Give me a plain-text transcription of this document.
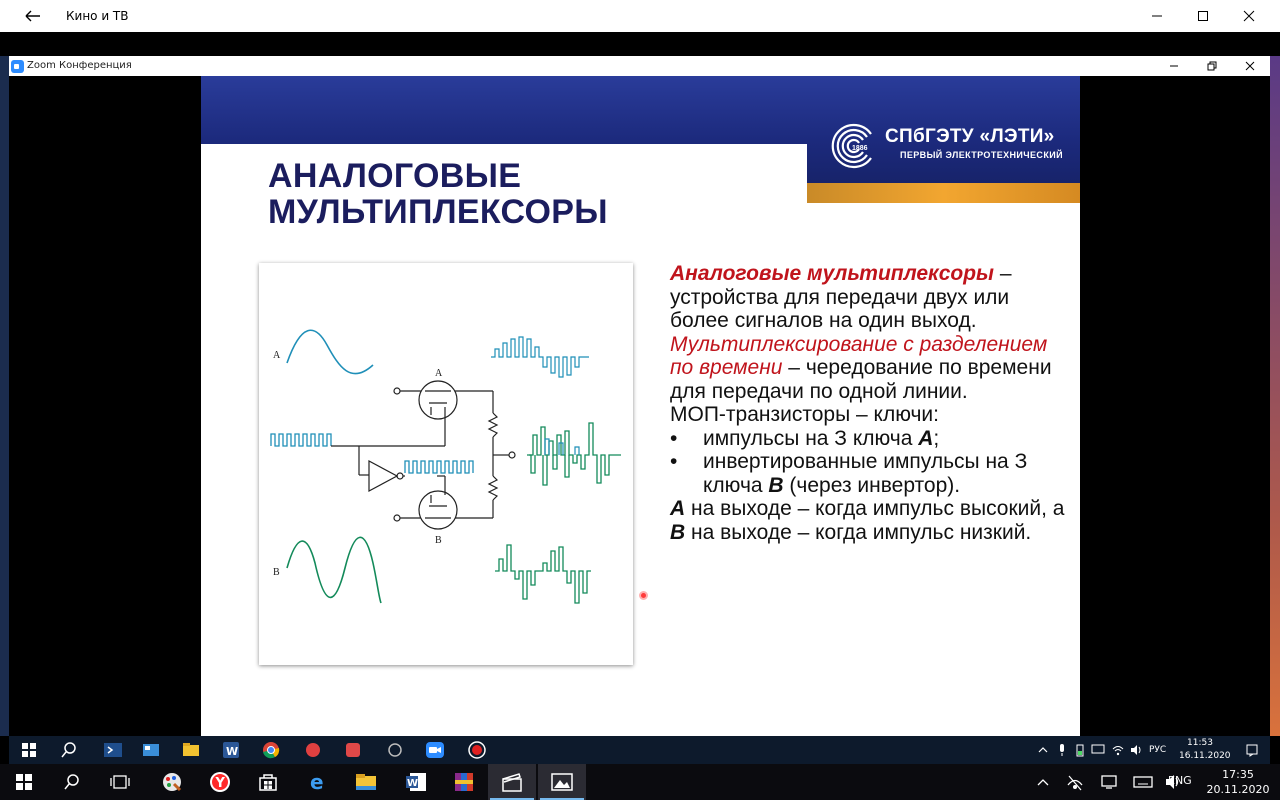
Кино и ТВ
Zoom Конференция
АНАЛОГОВЫЕ
МУЛЬТИПЛЕКСОРЫ
СПбГЭТУ «ЛЭТИ»
ПЕРВЫЙ ЭЛЕКТРОТЕХНИЧЕСКИЙ
1886
A
B
A
B
Аналоговые мультиплексоры – устройства для передачи двух или более сигналов на один выход.
Мультиплексирование с разделением по времени – чередование по времени для передачи по одной линии.
МОП-транзисторы – ключи:
• импульсы на З ключа A;
• инвертированные импульсы на З ключа B (через инвертор).
A на выходе – когда импульс высокий, а B на выходе – когда импульс низкий.
W	РУС
11:53
16.11.2020
Y	e	W	ENG	17:35
20.11.2020
